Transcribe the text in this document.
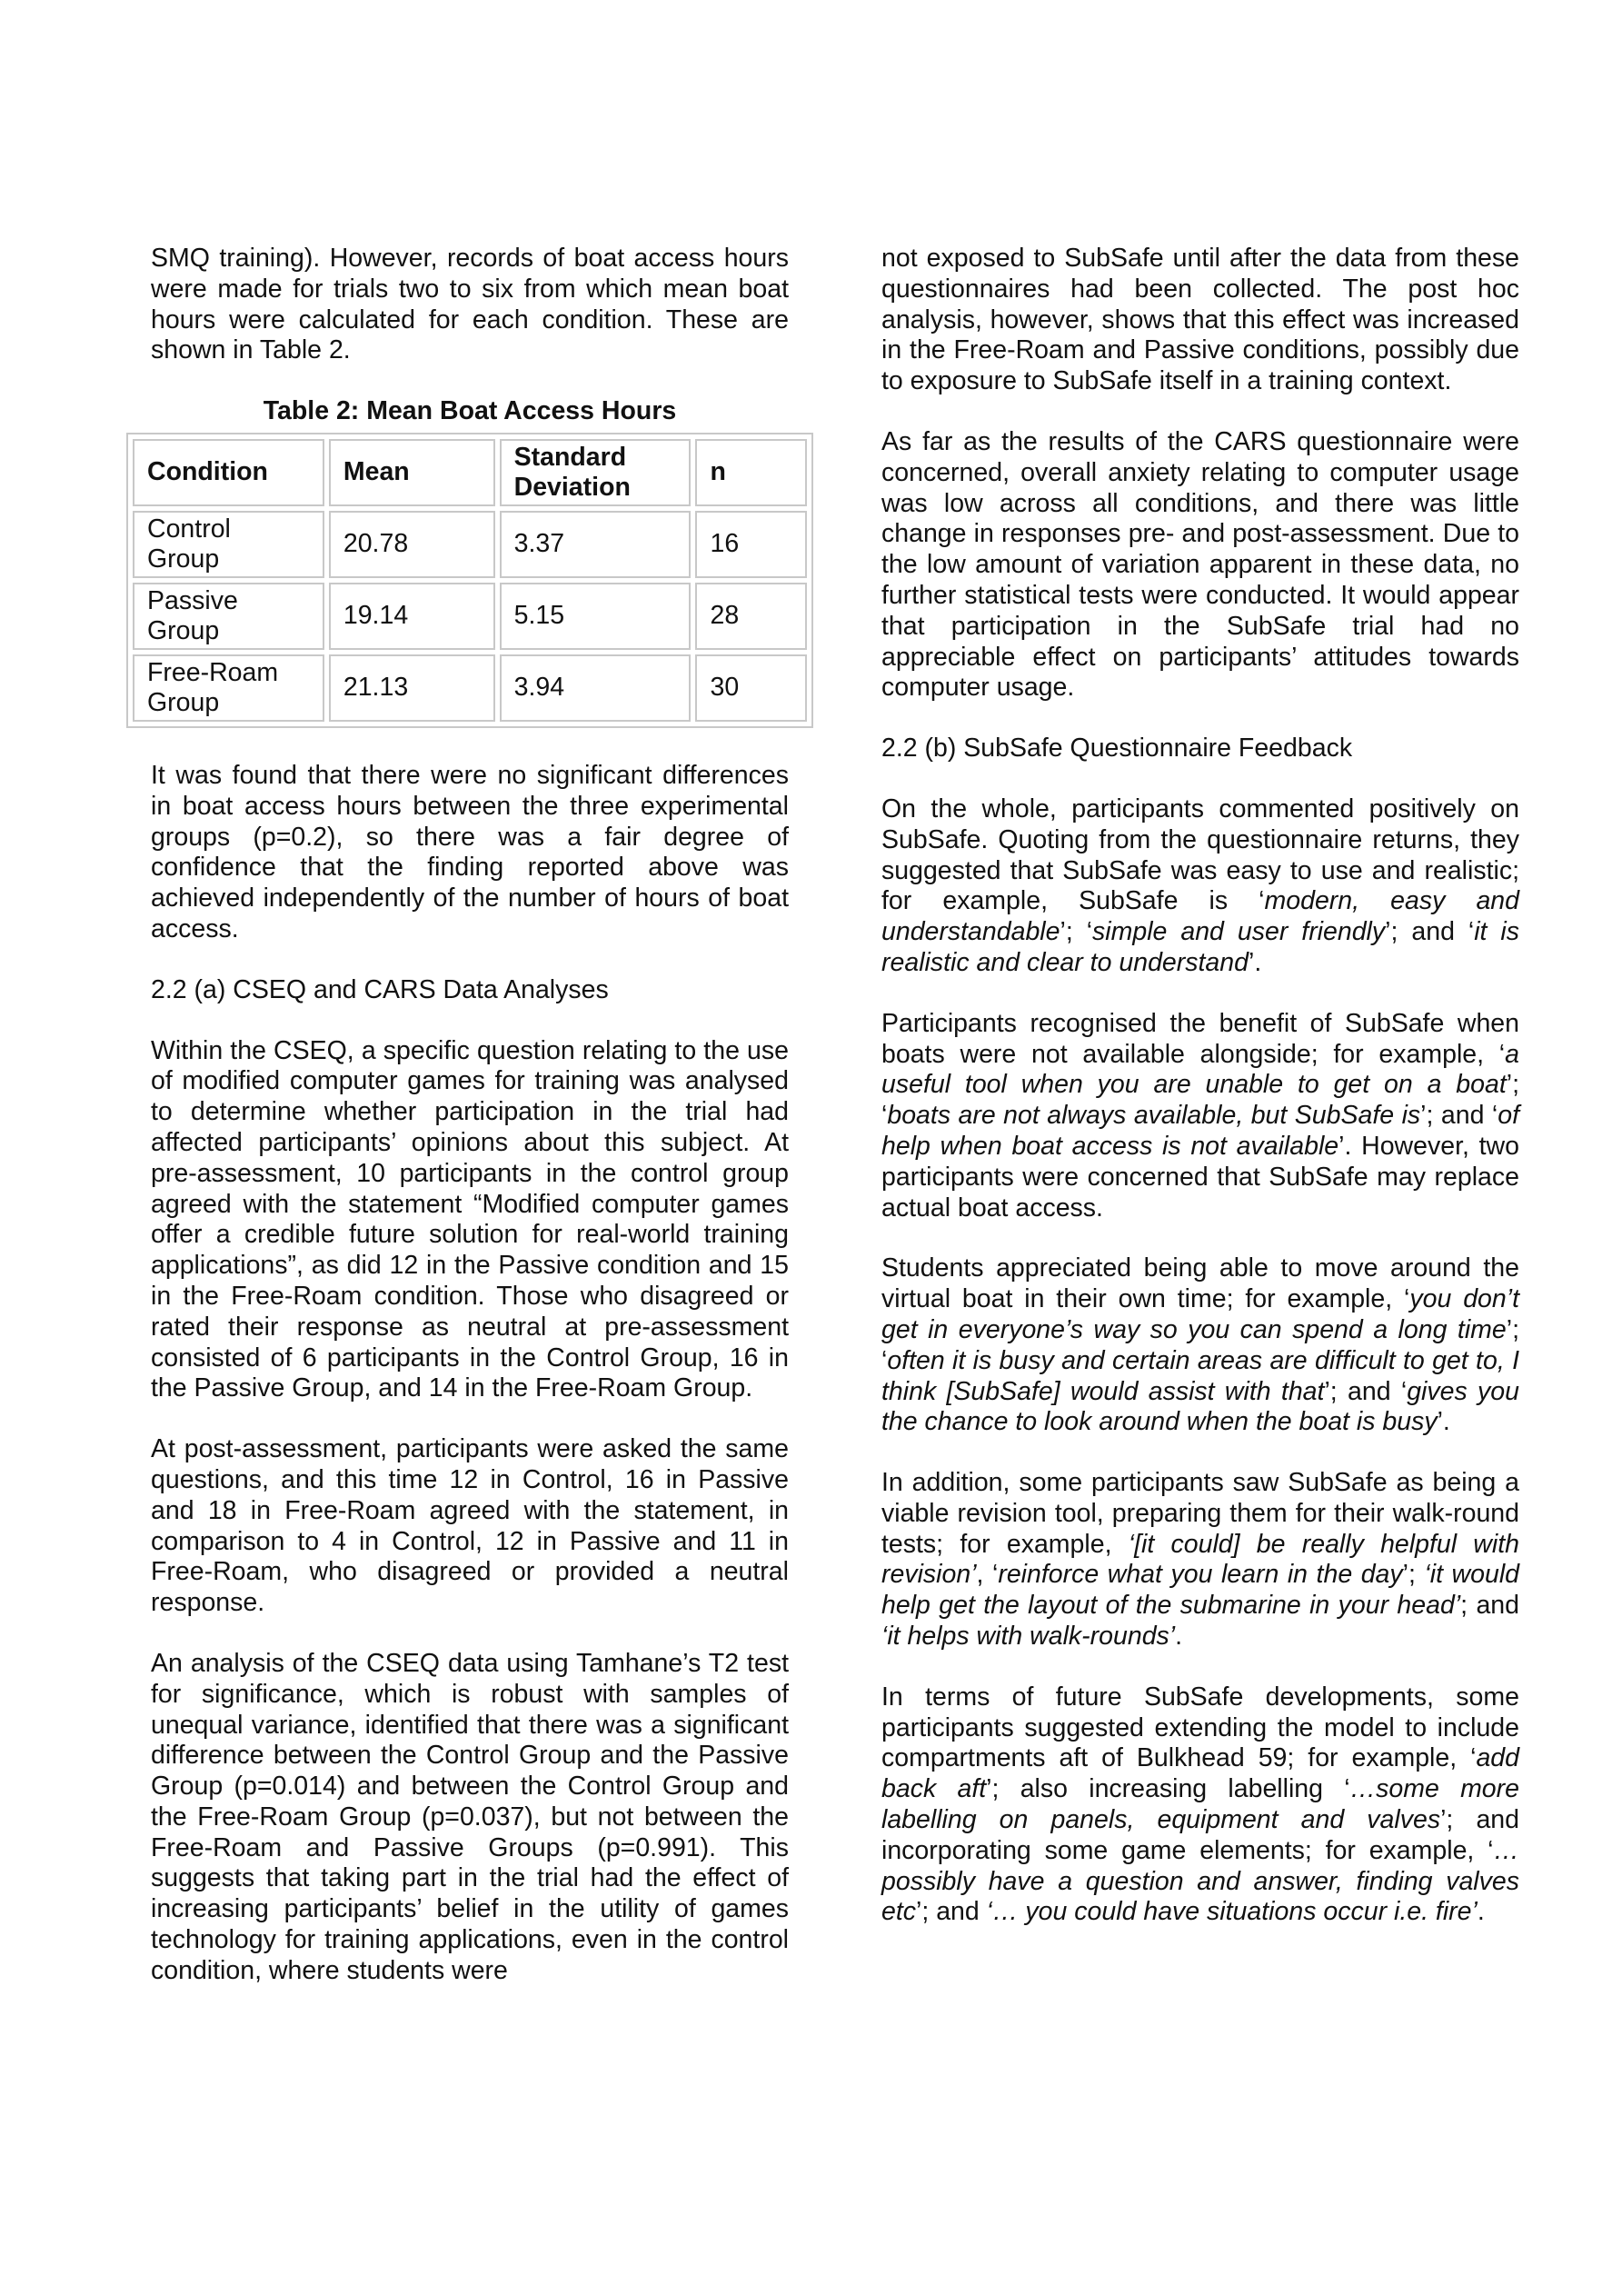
SMQ training). However, records of boat access hours were made for trials two to six from which mean boat hours were calculated for each condition. These are shown in Table 2.

Table 2: Mean Boat Access Hours
Condition	Mean	Standard Deviation	n
Control Group	20.78	3.37	16
Passive Group	19.14	5.15	28
Free-Roam Group	21.13	3.94	30

It was found that there were no significant differences in boat access hours between the three experimental groups (p=0.2), so there was a fair degree of confidence that the finding reported above was achieved independently of the number of hours of boat access.

2.2 (a) CSEQ and CARS Data Analyses

Within the CSEQ, a specific question relating to the use of modified computer games for training was analysed to determine whether participation in the trial had affected participants’ opinions about this subject. At pre-assessment, 10 participants in the control group agreed with the statement “Modified computer games offer a credible future solution for real-world training applications”, as did 12 in the Passive condition and 15 in the Free-Roam condition. Those who disagreed or rated their response as neutral at pre-assessment consisted of 6 participants in the Control Group, 16 in the Passive Group, and 14 in the Free-Roam Group.

At post-assessment, participants were asked the same questions, and this time 12 in Control, 16 in Passive and 18 in Free-Roam agreed with the statement, in comparison to 4 in Control, 12 in Passive and 11 in Free-Roam, who disagreed or provided a neutral response.

An analysis of the CSEQ data using Tamhane’s T2 test for significance, which is robust with samples of unequal variance, identified that there was a significant difference between the Control Group and the Passive Group (p=0.014) and between the Control Group and the Free-Roam Group (p=0.037), but not between the Free-Roam and Passive Groups (p=0.991). This suggests that taking part in the trial had the effect of increasing participants’ belief in the utility of games technology for training applications, even in the control condition, where students were

not exposed to SubSafe until after the data from these questionnaires had been collected. The post hoc analysis, however, shows that this effect was increased in the Free-Roam and Passive conditions, possibly due to exposure to SubSafe itself in a training context.

As far as the results of the CARS questionnaire were concerned, overall anxiety relating to computer usage was low across all conditions, and there was little change in responses pre- and post-assessment. Due to the low amount of variation apparent in these data, no further statistical tests were conducted. It would appear that participation in the SubSafe trial had no appreciable effect on participants’ attitudes towards computer usage.

2.2 (b) SubSafe Questionnaire Feedback

On the whole, participants commented positively on SubSafe. Quoting from the questionnaire returns, they suggested that SubSafe was easy to use and realistic; for example, SubSafe is ‘modern, easy and understandable’; ‘simple and user friendly’; and ‘it is realistic and clear to understand’.

Participants recognised the benefit of SubSafe when boats were not available alongside; for example, ‘a useful tool when you are unable to get on a boat’; ‘boats are not always available, but SubSafe is’; and ‘of help when boat access is not available’. However, two participants were concerned that SubSafe may replace actual boat access.

Students appreciated being able to move around the virtual boat in their own time; for example, ‘you don’t get in everyone’s way so you can spend a long time’; ‘often it is busy and certain areas are difficult to get to, I think [SubSafe] would assist with that’; and ‘gives you the chance to look around when the boat is busy’.

In addition, some participants saw SubSafe as being a viable revision tool, preparing them for their walk-round tests; for example, ‘[it could] be really helpful with revision’, ‘reinforce what you learn in the day’; ‘it would help get the layout of the submarine in your head’; and ‘it helps with walk-rounds’.

In terms of future SubSafe developments, some participants suggested extending the model to include compartments aft of Bulkhead 59; for example, ‘add back aft’; also increasing labelling ‘…some more labelling on panels, equipment and valves’; and incorporating some game elements; for example, ‘…possibly have a question and answer, finding valves etc’; and ‘… you could have situations occur i.e. fire’.
